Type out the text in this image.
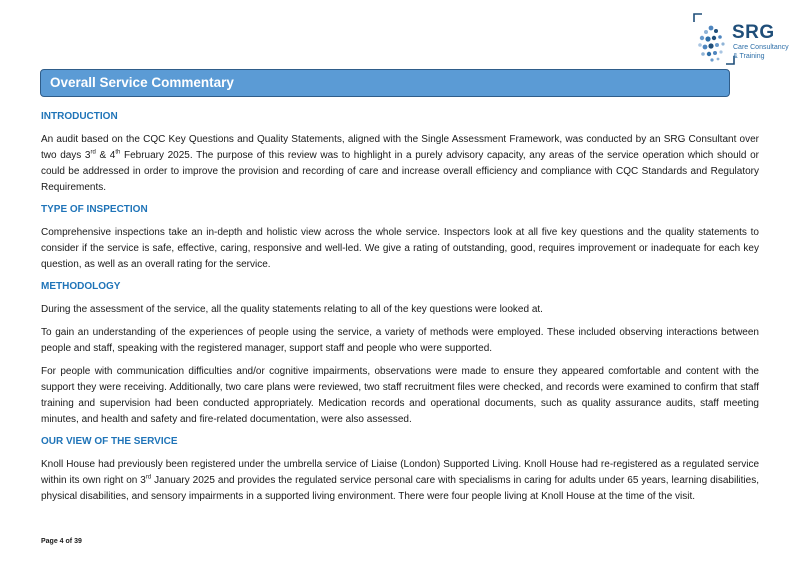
SRG
Care Consultancy
& Training
Overall Service Commentary
INTRODUCTION

An audit based on the CQC Key Questions and Quality Statements, aligned with the Single Assessment Framework, was conducted by an SRG Consultant over two days 3rd & 4th February 2025. The purpose of this review was to highlight in a purely advisory capacity, any areas of the service operation which should or could be addressed in order to improve the provision and recording of care and increase overall efficiency and compliance with CQC Standards and Regulatory Requirements.

TYPE OF INSPECTION

Comprehensive inspections take an in-depth and holistic view across the whole service. Inspectors look at all five key questions and the quality statements to consider if the service is safe, effective, caring, responsive and well-led. We give a rating of outstanding, good, requires improvement or inadequate for each key question, as well as an overall rating for the service.

METHODOLOGY

During the assessment of the service, all the quality statements relating to all of the key questions were looked at.

To gain an understanding of the experiences of people using the service, a variety of methods were employed. These included observing interactions between people and staff, speaking with the registered manager, support staff and people who were supported.

For people with communication difficulties and/or cognitive impairments, observations were made to ensure they appeared comfortable and content with the support they were receiving. Additionally, two care plans were reviewed, two staff recruitment files were checked, and records were examined to confirm that staff training and supervision had been conducted appropriately. Medication records and operational documents, such as quality assurance audits, staff meeting minutes, and health and safety and fire-related documentation, were also assessed.

OUR VIEW OF THE SERVICE

Knoll House had previously been registered under the umbrella service of Liaise (London) Supported Living. Knoll House had re-registered as a regulated service within its own right on 3rd January 2025 and provides the regulated service personal care with specialisms in caring for adults under 65 years, learning disabilities, physical disabilities, and sensory impairments in a supported living environment. There were four people living at Knoll House at the time of the visit.

Page 4 of 39
